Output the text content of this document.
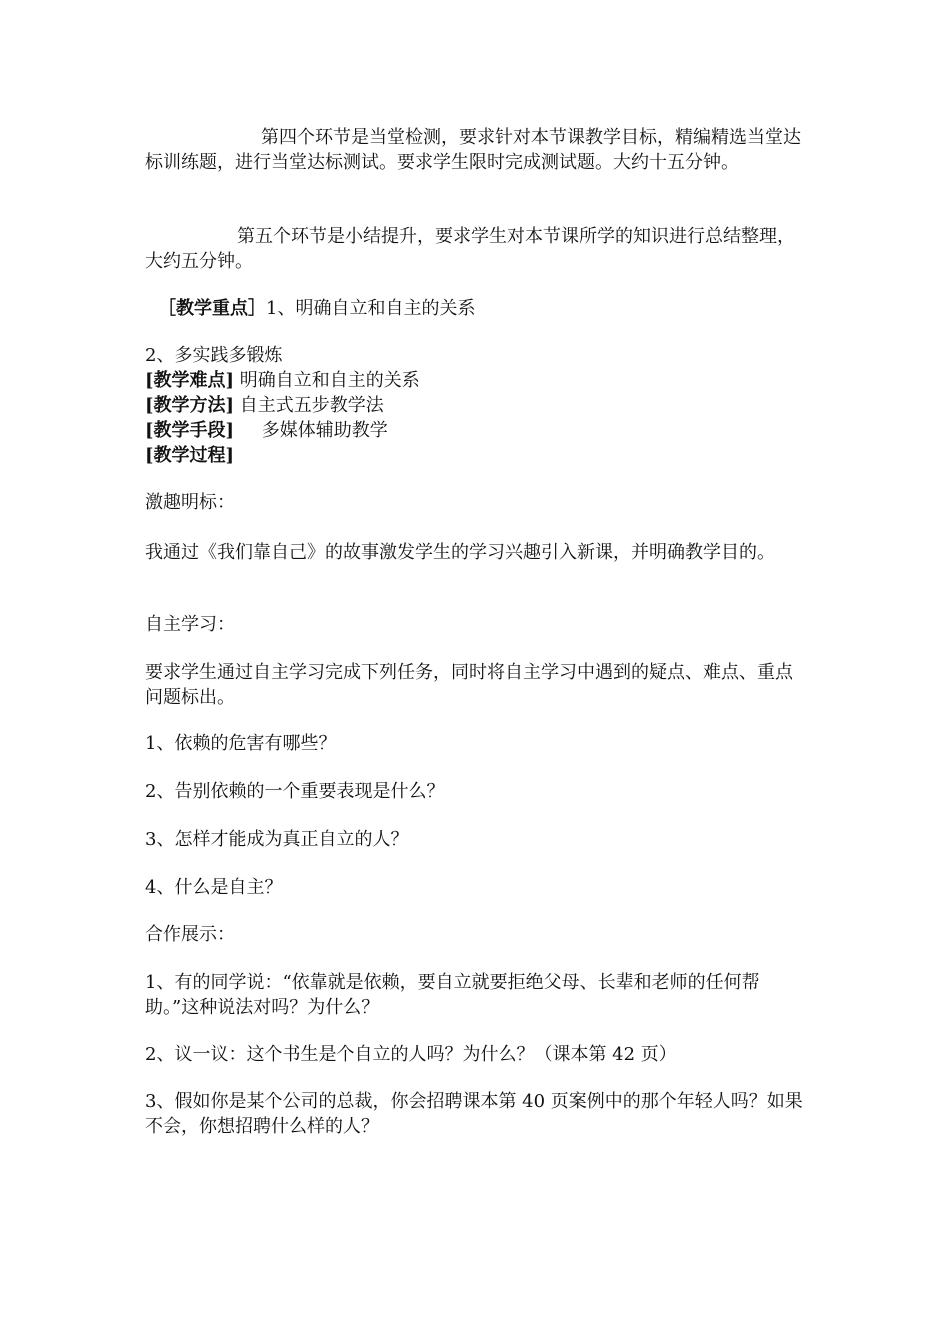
第四个环节是当堂检测，要求针对本节课教学目标，精编精选当堂达标训练题，进行当堂达标测试。要求学生限时完成测试题。大约十五分钟。

第五个环节是小结提升，要求学生对本节课所学的知识进行总结整理，大约五分钟。

［教学重点］1、明确自立和自主的关系
2、多实践多锻炼
[教学难点] 明确自立和自主的关系
[教学方法] 自主式五步教学法
[教学手段] 多媒体辅助教学
[教学过程]
激趣明标：

我通过《我们靠自己》的故事激发学生的学习兴趣引入新课，并明确教学目的。

自主学习：

要求学生通过自主学习完成下列任务，同时将自主学习中遇到的疑点、难点、重点问题标出。

1、依赖的危害有哪些？
2、告别依赖的一个重要表现是什么？
3、怎样才能成为真正自立的人？
4、什么是自主？
合作展示：

1、有的同学说：“依靠就是依赖，要自立就要拒绝父母、长辈和老师的任何帮助。”这种说法对吗？为什么？

2、议一议：这个书生是个自立的人吗？为什么？（课本第 42 页）

3、假如你是某个公司的总裁，你会招聘课本第 40 页案例中的那个年轻人吗？如果不会，你想招聘什么样的人？
